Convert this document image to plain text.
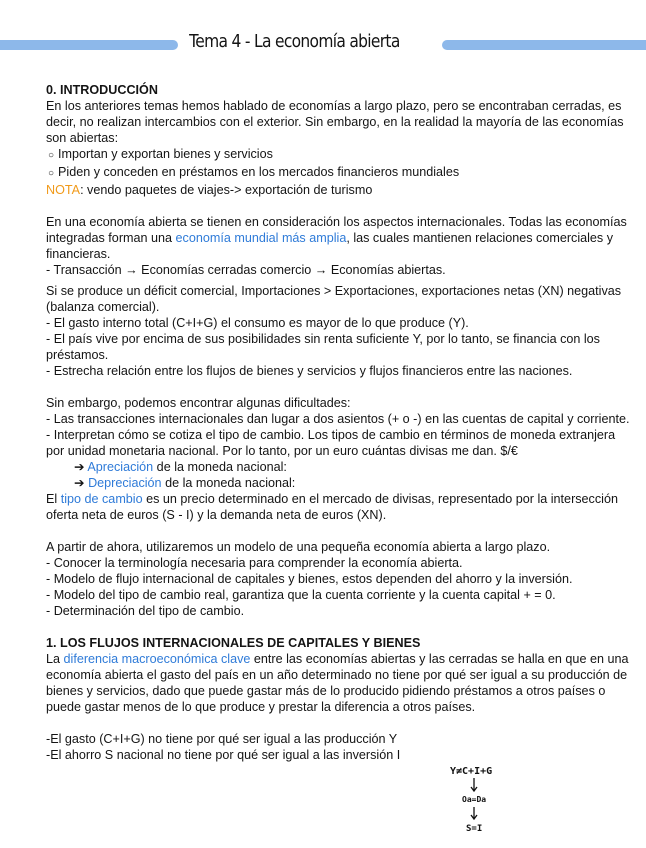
Tema 4 - La economía abierta

0. INTRODUCCIÓN

En los anteriores temas hemos hablado de economías a largo plazo, pero se encontraban cerradas, es decir, no realizan intercambios con el exterior. Sin embargo, en la realidad la mayoría de las economías son abiertas:

○ Importan y exportan bienes y servicios

○ Piden y conceden en préstamos en los mercados financieros mundiales

NOTA: vendo paquetes de viajes-> exportación de turismo

En una economía abierta se tienen en consideración los aspectos internacionales. Todas las economías integradas forman una economía mundial más amplia, las cuales mantienen relaciones comerciales y financieras.

- Transacción → Economías cerradas comercio → Economías abiertas.

Si se produce un déficit comercial, Importaciones > Exportaciones, exportaciones netas (XN) negativas (balanza comercial).

- El gasto interno total (C+I+G) el consumo es mayor de lo que produce (Y).

- El país vive por encima de sus posibilidades sin renta suficiente Y, por lo tanto, se financia con los préstamos.

- Estrecha relación entre los flujos de bienes y servicios y flujos financieros entre las naciones.

Sin embargo, podemos encontrar algunas dificultades:

- Las transacciones internacionales dan lugar a dos asientos (+ o -) en las cuentas de capital y corriente.

- Interpretan cómo se cotiza el tipo de cambio. Los tipos de cambio en términos de moneda extranjera por unidad monetaria nacional. Por lo tanto, por un euro cuántas divisas me dan. $/€

➔ Apreciación de la moneda nacional:

➔ Depreciación de la moneda nacional:

El tipo de cambio es un precio determinado en el mercado de divisas, representado por la intersección oferta neta de euros (S - I) y la demanda neta de euros (XN).

A partir de ahora, utilizaremos un modelo de una pequeña economía abierta a largo plazo.

- Conocer la terminología necesaria para comprender la economía abierta.

- Modelo de flujo internacional de capitales y bienes, estos dependen del ahorro y la inversión.

- Modelo del tipo de cambio real, garantiza que la cuenta corriente y la cuenta capital + = 0.

- Determinación del tipo de cambio.

1. LOS FLUJOS INTERNACIONALES DE CAPITALES Y BIENES

La diferencia macroeconómica clave entre las economías abiertas y las cerradas se halla en que en una economía abierta el gasto del país en un año determinado no tiene por qué ser igual a su producción de bienes y servicios, dado que puede gastar más de lo producido pidiendo préstamos a otros países o puede gastar menos de lo que produce y prestar la diferencia a otros países.

-El gasto (C+I+G) no tiene por qué ser igual a las producción Y

-El ahorro S nacional no tiene por qué ser igual a las inversión I

Y≠C+I+G
Oa=Da
S=I
